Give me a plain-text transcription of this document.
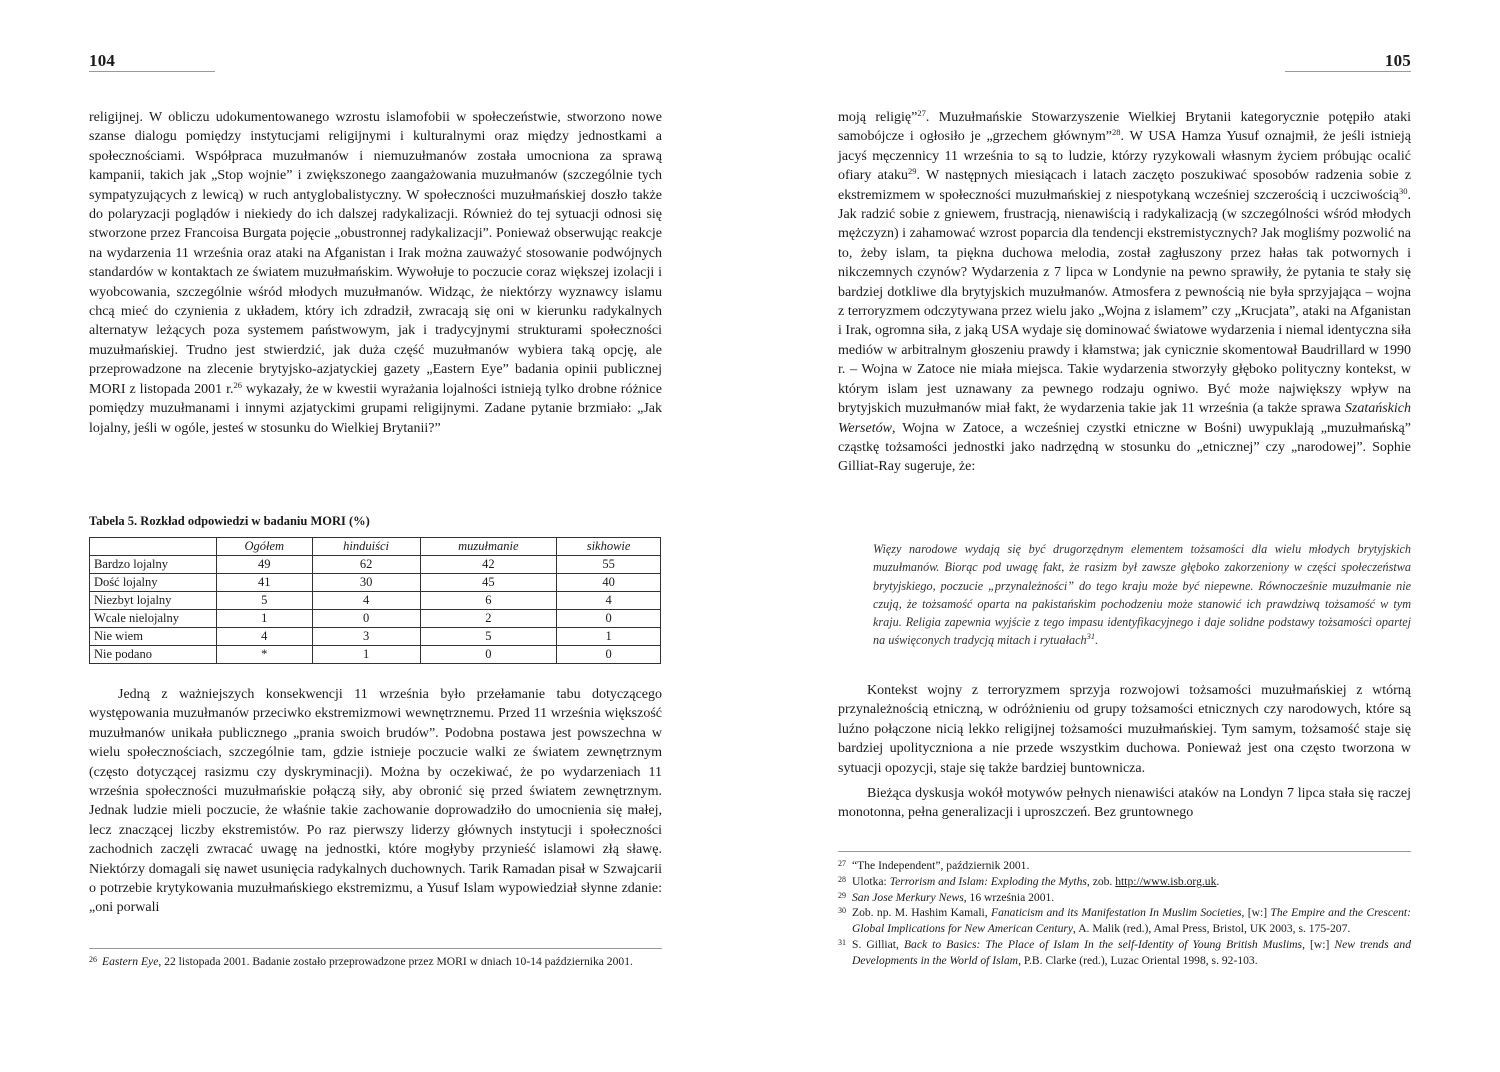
104

religijnej. W obliczu udokumentowanego wzrostu islamofobii w społeczeństwie, stworzono nowe szanse dialogu pomiędzy instytucjami religijnymi i kulturalnymi oraz między jednostkami a społecznościami. Współpraca muzułmanów i niemuzułmanów została umocniona za sprawą kampanii, takich jak „Stop wojnie” i zwiększonego zaangażowania muzułmanów (szczególnie tych sympatyzujących z lewicą) w ruch antyglobalistyczny. W społeczności muzułmańskiej doszło także do polaryzacji poglądów i niekiedy do ich dalszej radykalizacji. Również do tej sytuacji odnosi się stworzone przez Francoisa Burgata pojęcie „obustronnej radykalizacji”. Ponieważ obserwując reakcje na wydarzenia 11 września oraz ataki na Afganistan i Irak można zauważyć stosowanie podwójnych standardów w kontaktach ze światem muzułmańskim. Wywołuje to poczucie coraz większej izolacji i wyobcowania, szczególnie wśród młodych muzułmanów. Widząc, że niektórzy wyznawcy islamu chcą mieć do czynienia z układem, który ich zdradził, zwracają się oni w kierunku radykalnych alternatyw leżących poza systemem państwowym, jak i tradycyjnymi strukturami społeczności muzułmańskiej. Trudno jest stwierdzić, jak duża część muzułmanów wybiera taką opcję, ale przeprowadzone na zlecenie brytyjsko-azjatyckiej gazety „Eastern Eye” badania opinii publicznej MORI z listopada 2001 r.$^{26}$ wykazały, że w kwestii wyrażania lojalności istnieją tylko drobne różnice pomiędzy muzułmanami i innymi azjatyckimi grupami religijnymi. Zadane pytanie brzmiało: „Jak lojalny, jeśli w ogóle, jesteś w stosunku do Wielkiej Brytanii?”

Tabela 5. Rozkład odpowiedzi w badaniu MORI (%)
	Ogółem	hinduiści	muzułmanie	sikhowie
Bardzo lojalny	49	62	42	55
Dość lojalny	41	30	45	40
Niezbyt lojalny	5	4	6	4
Wcale nielojalny	1	0	2	0
Nie wiem	4	3	5	1
Nie podano	*	1	0	0

Jedną z ważniejszych konsekwencji 11 września było przełamanie tabu dotyczącego występowania muzułmanów przeciwko ekstremizmowi wewnętrznemu. Przed 11 września większość muzułmanów unikała publicznego „prania swoich brudów”. Podobna postawa jest powszechna w wielu społecznościach, szczególnie tam, gdzie istnieje poczucie walki ze światem zewnętrznym (często dotyczącej rasizmu czy dyskryminacji). Można by oczekiwać, że po wydarzeniach 11 września społeczności muzułmańskie połączą siły, aby obronić się przed światem zewnętrznym. Jednak ludzie mieli poczucie, że właśnie takie zachowanie doprowadziło do umocnienia się małej, lecz znaczącej liczby ekstremistów. Po raz pierwszy liderzy głównych instytucji i społeczności zachodnich zaczęli zwracać uwagę na jednostki, które mogłyby przynieść islamowi złą sławę. Niektórzy domagali się nawet usunięcia radykalnych duchownych. Tarik Ramadan pisał w Szwajcarii o potrzebie krytykowania muzułmańskiego ekstremizmu, a Yusuf Islam wypowiedział słynne zdanie: „oni porwali

26 Eastern Eye, 22 listopada 2001. Badanie zostało przeprowadzone przez MORI w dniach 10-14 października 2001.

105

moją religię”$^{27}$. Muzułmańskie Stowarzyszenie Wielkiej Brytanii kategorycznie potępiło ataki samobójcze i ogłosiło je „grzechem głównym”$^{28}$. W USA Hamza Yusuf oznajmił, że jeśli istnieją jacyś męczennicy 11 września to są to ludzie, którzy ryzykowali własnym życiem próbując ocalić ofiary ataku$^{29}$. W następnych miesiącach i latach zaczęto poszukiwać sposobów radzenia sobie z ekstremizmem w społeczności muzułmańskiej z niespotykaną wcześniej szczerością i uczciwością$^{30}$. Jak radzić sobie z gniewem, frustracją, nienawiścią i radykalizacją (w szczególności wśród młodych mężczyzn) i zahamować wzrost poparcia dla tendencji ekstremistycznych? Jak mogliśmy pozwolić na to, żeby islam, ta piękna duchowa melodia, został zagłuszony przez hałas tak potwornych i nikczemnych czynów? Wydarzenia z 7 lipca w Londynie na pewno sprawiły, że pytania te stały się bardziej dotkliwe dla brytyjskich muzułmanów. Atmosfera z pewnością nie była sprzyjająca – wojna z terroryzmem odczytywana przez wielu jako „Wojna z islamem” czy „Krucjata”, ataki na Afganistan i Irak, ogromna siła, z jaką USA wydaje się dominować światowe wydarzenia i niemal identyczna siła mediów w arbitralnym głoszeniu prawdy i kłamstwa; jak cynicznie skomentował Baudrillard w 1990 r. – Wojna w Zatoce nie miała miejsca. Takie wydarzenia stworzyły głęboko polityczny kontekst, w którym islam jest uznawany za pewnego rodzaju ogniwo. Być może największy wpływ na brytyjskich muzułmanów miał fakt, że wydarzenia takie jak 11 września (a także sprawa Szatańskich Wersetów, Wojna w Zatoce, a wcześniej czystki etniczne w Bośni) uwypuklają „muzułmańską” cząstkę tożsamości jednostki jako nadrzędną w stosunku do „etnicznej” czy „narodowej”. Sophie Gilliat-Ray sugeruje, że:

Więzy narodowe wydają się być drugorzędnym elementem tożsamości dla wielu młodych brytyjskich muzułmanów. Biorąc pod uwagę fakt, że rasizm był zawsze głęboko zakorzeniony w części społeczeństwa brytyjskiego, poczucie „przynależności” do tego kraju może być niepewne. Równocześnie muzułmanie nie czują, że tożsamość oparta na pakistańskim pochodzeniu może stanowić ich prawdziwą tożsamość w tym kraju. Religia zapewnia wyjście z tego impasu identyfikacyjnego i daje solidne podstawy tożsamości opartej na uświęconych tradycją mitach i rytuałach$^{31}$.

Kontekst wojny z terroryzmem sprzyja rozwojowi tożsamości muzułmańskiej z wtórną przynależnością etniczną, w odróżnieniu od grupy tożsamości etnicznych czy narodowych, które są luźno połączone nicią lekko religijnej tożsamości muzułmańskiej. Tym samym, tożsamość staje się bardziej upolityczniona a nie przede wszystkim duchowa. Ponieważ jest ona często tworzona w sytuacji opozycji, staje się także bardziej buntownicza.

Bieżąca dyskusja wokół motywów pełnych nienawiści ataków na Londyn 7 lipca stała się raczej monotonna, pełna generalizacji i uproszczeń. Bez gruntownego

27 “The Independent”, październik 2001.

28 Ulotka: Terrorism and Islam: Exploding the Myths, zob. http://www.isb.org.uk.

29 San Jose Merkury News, 16 września 2001.

30 Zob. np. M. Hashim Kamali, Fanaticism and its Manifestation In Muslim Societies, [w:] The Empire and the Crescent: Global Implications for New American Century, A. Malik (red.), Amal Press, Bristol, UK 2003, s. 175-207.

31 S. Gilliat, Back to Basics: The Place of Islam In the self-Identity of Young British Muslims, [w:] New trends and Developments in the World of Islam, P.B. Clarke (red.), Luzac Oriental 1998, s. 92-103.
